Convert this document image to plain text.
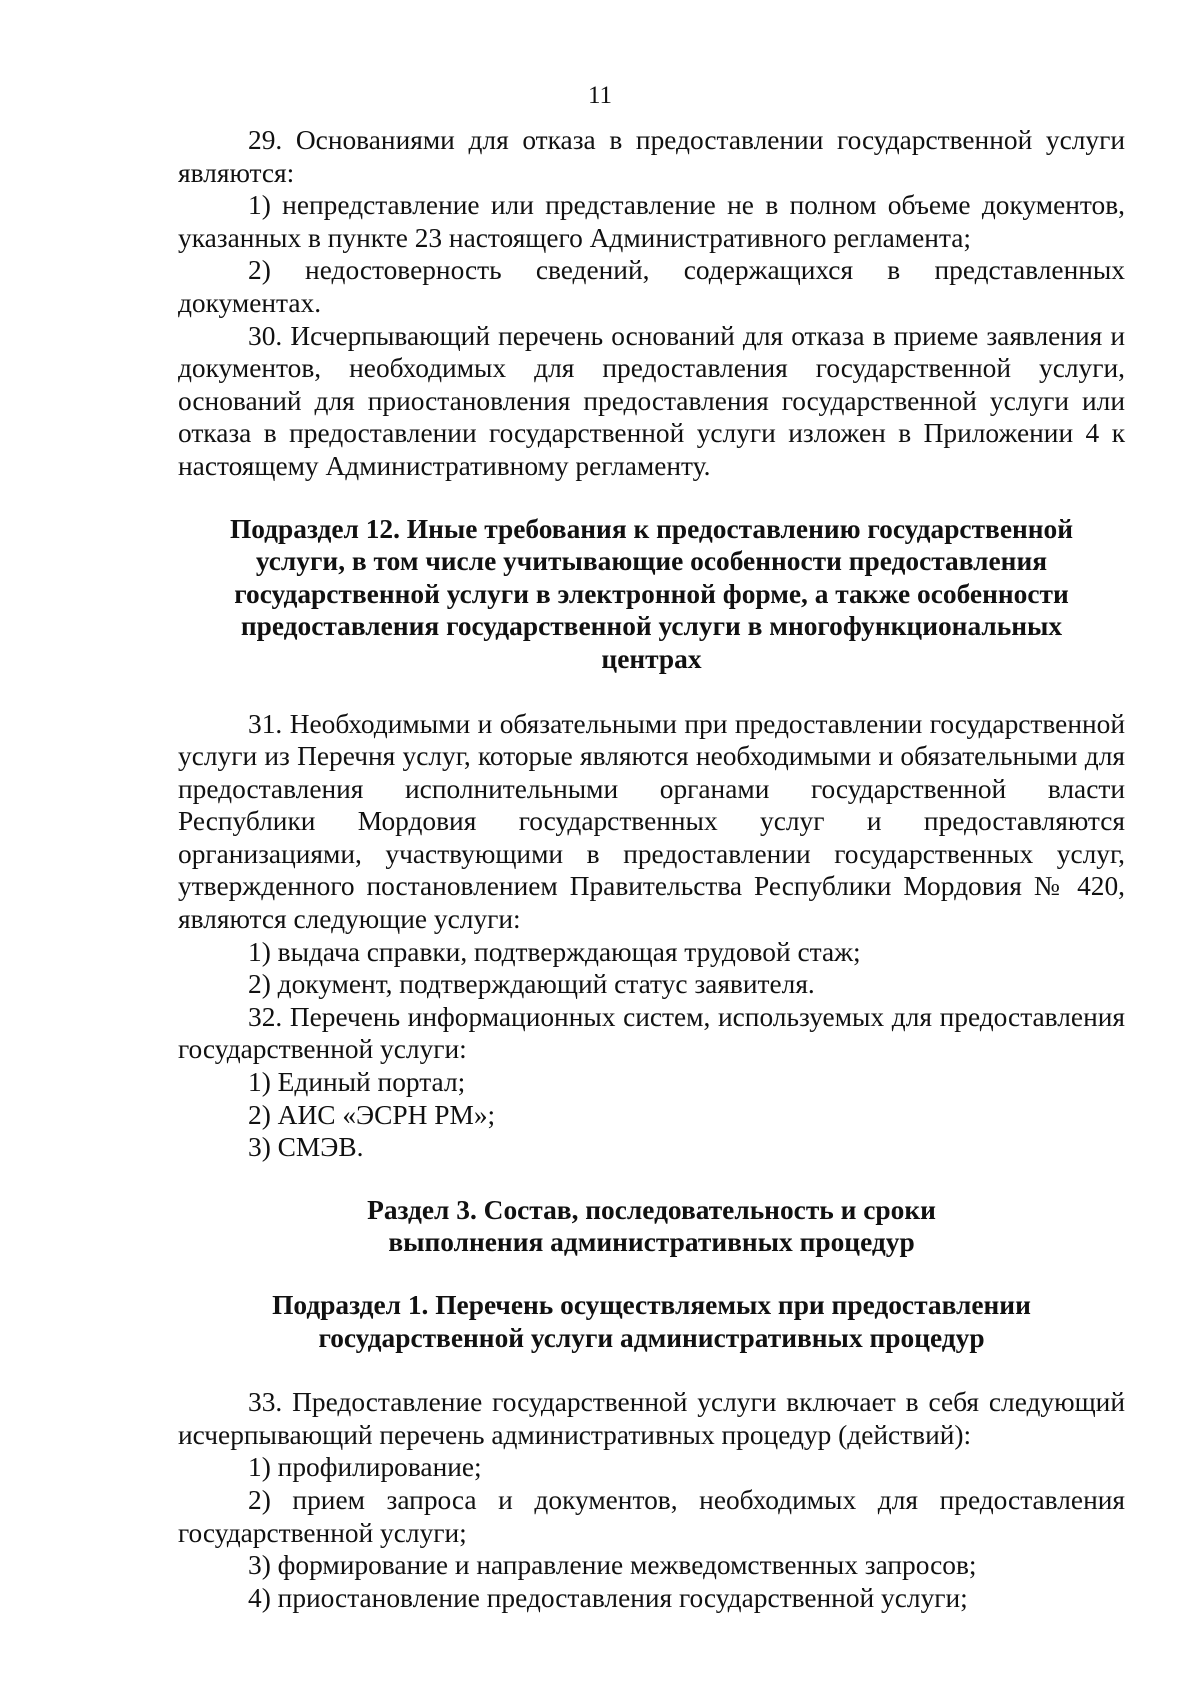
11

29. Основаниями для отказа в предоставлении государственной услуги являются:

1) непредставление или представление не в полном объеме документов, указанных в пункте 23 настоящего Административного регламента;

2) недостоверность сведений, содержащихся в представленных документах.

30. Исчерпывающий перечень оснований для отказа в приеме заявления и документов, необходимых для предоставления государственной услуги, оснований для приостановления предоставления государственной услуги или отказа в предоставлении государственной услуги изложен в Приложении 4 к настоящему Административному регламенту.

Подраздел 12. Иные требования к предоставлению государственной услуги, в том числе учитывающие особенности предоставления государственной услуги в электронной форме, а также особенности предоставления государственной услуги в многофункциональных центрах

31. Необходимыми и обязательными при предоставлении государственной услуги из Перечня услуг, которые являются необходимыми и обязательными для предоставления исполнительными органами государственной власти Республики Мордовия государственных услуг и предоставляются организациями, участвующими в предоставлении государственных услуг, утвержденного постановлением Правительства Республики Мордовия № 420, являются следующие услуги:

1) выдача справки, подтверждающая трудовой стаж;

2) документ, подтверждающий статус заявителя.

32. Перечень информационных систем, используемых для предоставления государственной услуги:

1) Единый портал;

2) АИС «ЭСРН РМ»;

3) СМЭВ.

Раздел 3. Состав, последовательность и сроки выполнения административных процедур

Подраздел 1. Перечень осуществляемых при предоставлении государственной услуги административных процедур

33. Предоставление государственной услуги включает в себя следующий исчерпывающий перечень административных процедур (действий):

1) профилирование;

2) прием запроса и документов, необходимых для предоставления государственной услуги;

3) формирование и направление межведомственных запросов;

4) приостановление предоставления государственной услуги;
